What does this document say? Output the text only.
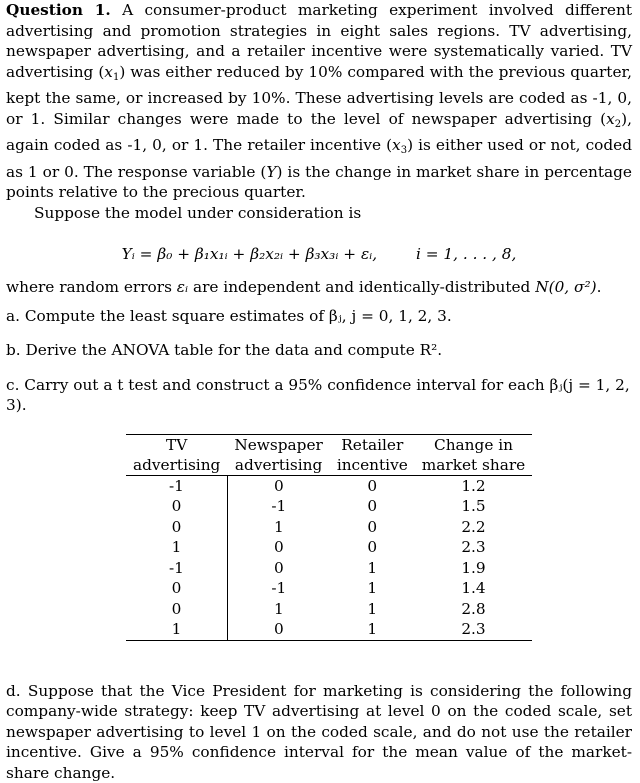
Question 1. A consumer-product marketing experiment involved different advertising and promotion strategies in eight sales regions. TV advertising, newspaper advertising, and a retailer incentive were systematically varied. TV advertising $(x_1)$ was either reduced by 10% compared with the previous quarter, kept the same, or increased by 10%. These advertising levels are coded as -1, 0, or 1. Similar changes were made to the level of newspaper advertising $(x_2)$, again coded as -1, 0, or 1. The retailer incentive $(x_3)$ is either used or not, coded as 1 or 0. The response variable (Y) is the change in market share in percentage points relative to the precious quarter.

Suppose the model under consideration is

Yᵢ = β₀ + β₁x₁ᵢ + β₂x₂ᵢ + β₃x₃ᵢ + εᵢ,	i = 1, . . . , 8,

where random errors εᵢ are independent and identically-distributed N(0, σ²).

a. Compute the least square estimates of βⱼ, j = 0, 1, 2, 3.

b. Derive the ANOVA table for the data and compute R².

c. Carry out a t test and construct a 95% confidence interval for each βⱼ(j = 1, 2, 3).

TV	Newspaper	Retailer	Change in
advertising	advertising	incentive	market share
-1	0	0	1.2
0	-1	0	1.5
0	1	0	2.2
1	0	0	2.3
-1	0	1	1.9
0	-1	1	1.4
0	1	1	2.8
1	0	1	2.3

d. Suppose that the Vice President for marketing is considering the following company-wide strategy: keep TV advertising at level 0 on the coded scale, set newspaper advertising to level 1 on the coded scale, and do not use the retailer incentive. Give a 95% confidence interval for the mean value of the market-share change.
